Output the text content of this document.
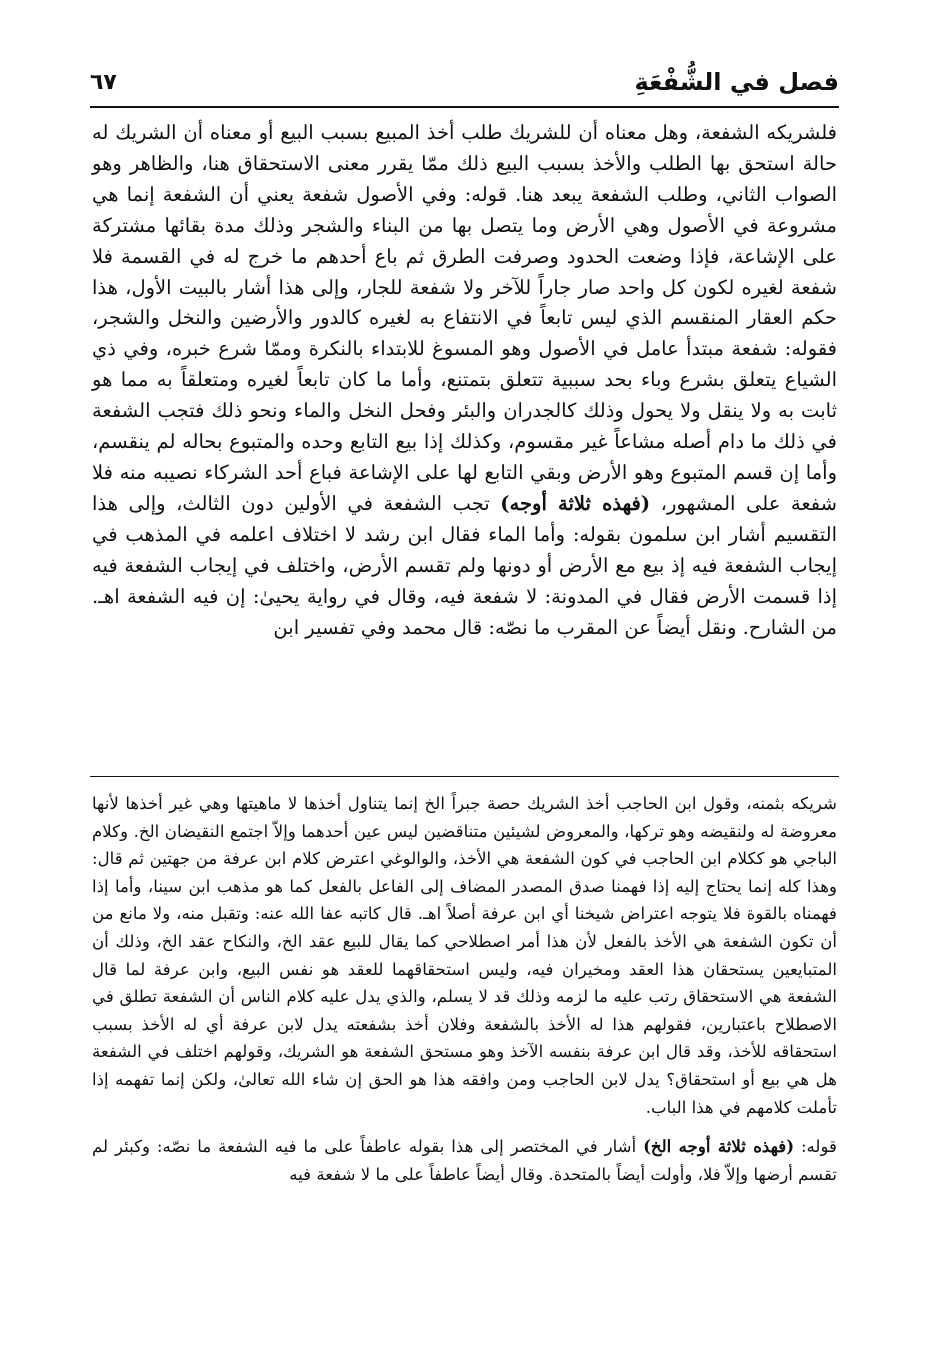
فصل في الشُّفْعَةِ
٦٧

فلشريكه الشفعة، وهل معناه أن للشريك طلب أخذ المبيع بسبب البيع أو معناه أن الشريك له حالة استحق بها الطلب والأخذ بسبب البيع ذلك ممّا يقرر معنى الاستحقاق هنا، والظاهر وهو الصواب الثاني، وطلب الشفعة يبعد هنا. قوله: وفي الأصول شفعة يعني أن الشفعة إنما هي مشروعة في الأصول وهي الأرض وما يتصل بها من البناء والشجر وذلك مدة بقائها مشتركة على الإشاعة، فإذا وضعت الحدود وصرفت الطرق ثم باع أحدهم ما خرج له في القسمة فلا شفعة لغيره لكون كل واحد صار جاراً للآخر ولا شفعة للجار، وإلى هذا أشار بالبيت الأول، هذا حكم العقار المنقسم الذي ليس تابعاً في الانتفاع به لغيره كالدور والأرضين والنخل والشجر، فقوله: شفعة مبتدأ عامل في الأصول وهو المسوغ للابتداء بالنكرة وممّا شرع خبره، وفي ذي الشياع يتعلق بشرع وباء بحد سببية تتعلق بتمتنع، وأما ما كان تابعاً لغيره ومتعلقاً به مما هو ثابت به ولا ينقل ولا يحول وذلك كالجدران والبئر وفحل النخل والماء ونحو ذلك فتجب الشفعة في ذلك ما دام أصله مشاعاً غير مقسوم، وكذلك إذا بيع التابع وحده والمتبوع بحاله لم ينقسم، وأما إن قسم المتبوع وهو الأرض وبقي التابع لها على الإشاعة فباع أحد الشركاء نصيبه منه فلا شفعة على المشهور، (فهذه ثلاثة أوجه) تجب الشفعة في الأولين دون الثالث، وإلى هذا التقسيم أشار ابن سلمون بقوله: وأما الماء فقال ابن رشد لا اختلاف اعلمه في المذهب في إيجاب الشفعة فيه إذ بيع مع الأرض أو دونها ولم تقسم الأرض، واختلف في إيجاب الشفعة فيه إذا قسمت الأرض فقال في المدونة: لا شفعة فيه، وقال في رواية يحيىٰ: إن فيه الشفعة اهـ. من الشارح. ونقل أيضاً عن المقرب ما نصّه: قال محمد وفي تفسير ابن

شريكه بثمنه، وقول ابن الحاجب أخذ الشريك حصة جبراً الخ إنما يتناول أخذها لا ماهيتها وهي غير أخذها لأنها معروضة له ولنقيضه وهو تركها، والمعروض لشيئين متناقضين ليس عين أحدهما وإلاّ اجتمع النقيضان الخ. وكلام الباجي هو ككلام ابن الحاجب في كون الشفعة هي الأخذ، والوالوغي اعترض كلام ابن عرفة من جهتين ثم قال: وهذا كله إنما يحتاج إليه إذا فهمنا صدق المصدر المضاف إلى الفاعل بالفعل كما هو مذهب ابن سينا، وأما إذا فهمناه بالقوة فلا يتوجه اعتراض شيخنا أي ابن عرفة أصلاً اهـ. قال كاتبه عفا الله عنه: وتقبل منه، ولا مانع من أن تكون الشفعة هي الأخذ بالفعل لأن هذا أمر اصطلاحي كما يقال للبيع عقد الخ، والنكاح عقد الخ، وذلك أن المتبايعين يستحقان هذا العقد ومخيران فيه، وليس استحقاقهما للعقد هو نفس البيع، وابن عرفة لما قال الشفعة هي الاستحقاق رتب عليه ما لزمه وذلك قد لا يسلم، والذي يدل عليه كلام الناس أن الشفعة تطلق في الاصطلاح باعتبارين، فقولهم هذا له الأخذ بالشفعة وفلان أخذ بشفعته يدل لابن عرفة أي له الأخذ بسبب استحقاقه للأخذ، وقد قال ابن عرفة بنفسه الآخذ وهو مستحق الشفعة هو الشريك، وقولهم اختلف في الشفعة هل هي بيع أو استحقاق؟ يدل لابن الحاجب ومن وافقه هذا هو الحق إن شاء الله تعالىٰ، ولكن إنما تفهمه إذا تأملت كلامهم في هذا الباب.

قوله: (فهذه ثلاثة أوجه الخ) أشار في المختصر إلى هذا بقوله عاطفاً على ما فيه الشفعة ما نصّه: وكبئر لم تقسم أرضها وإلاّ فلا، وأولت أيضاً بالمتحدة. وقال أيضاً عاطفاً على ما لا شفعة فيه
